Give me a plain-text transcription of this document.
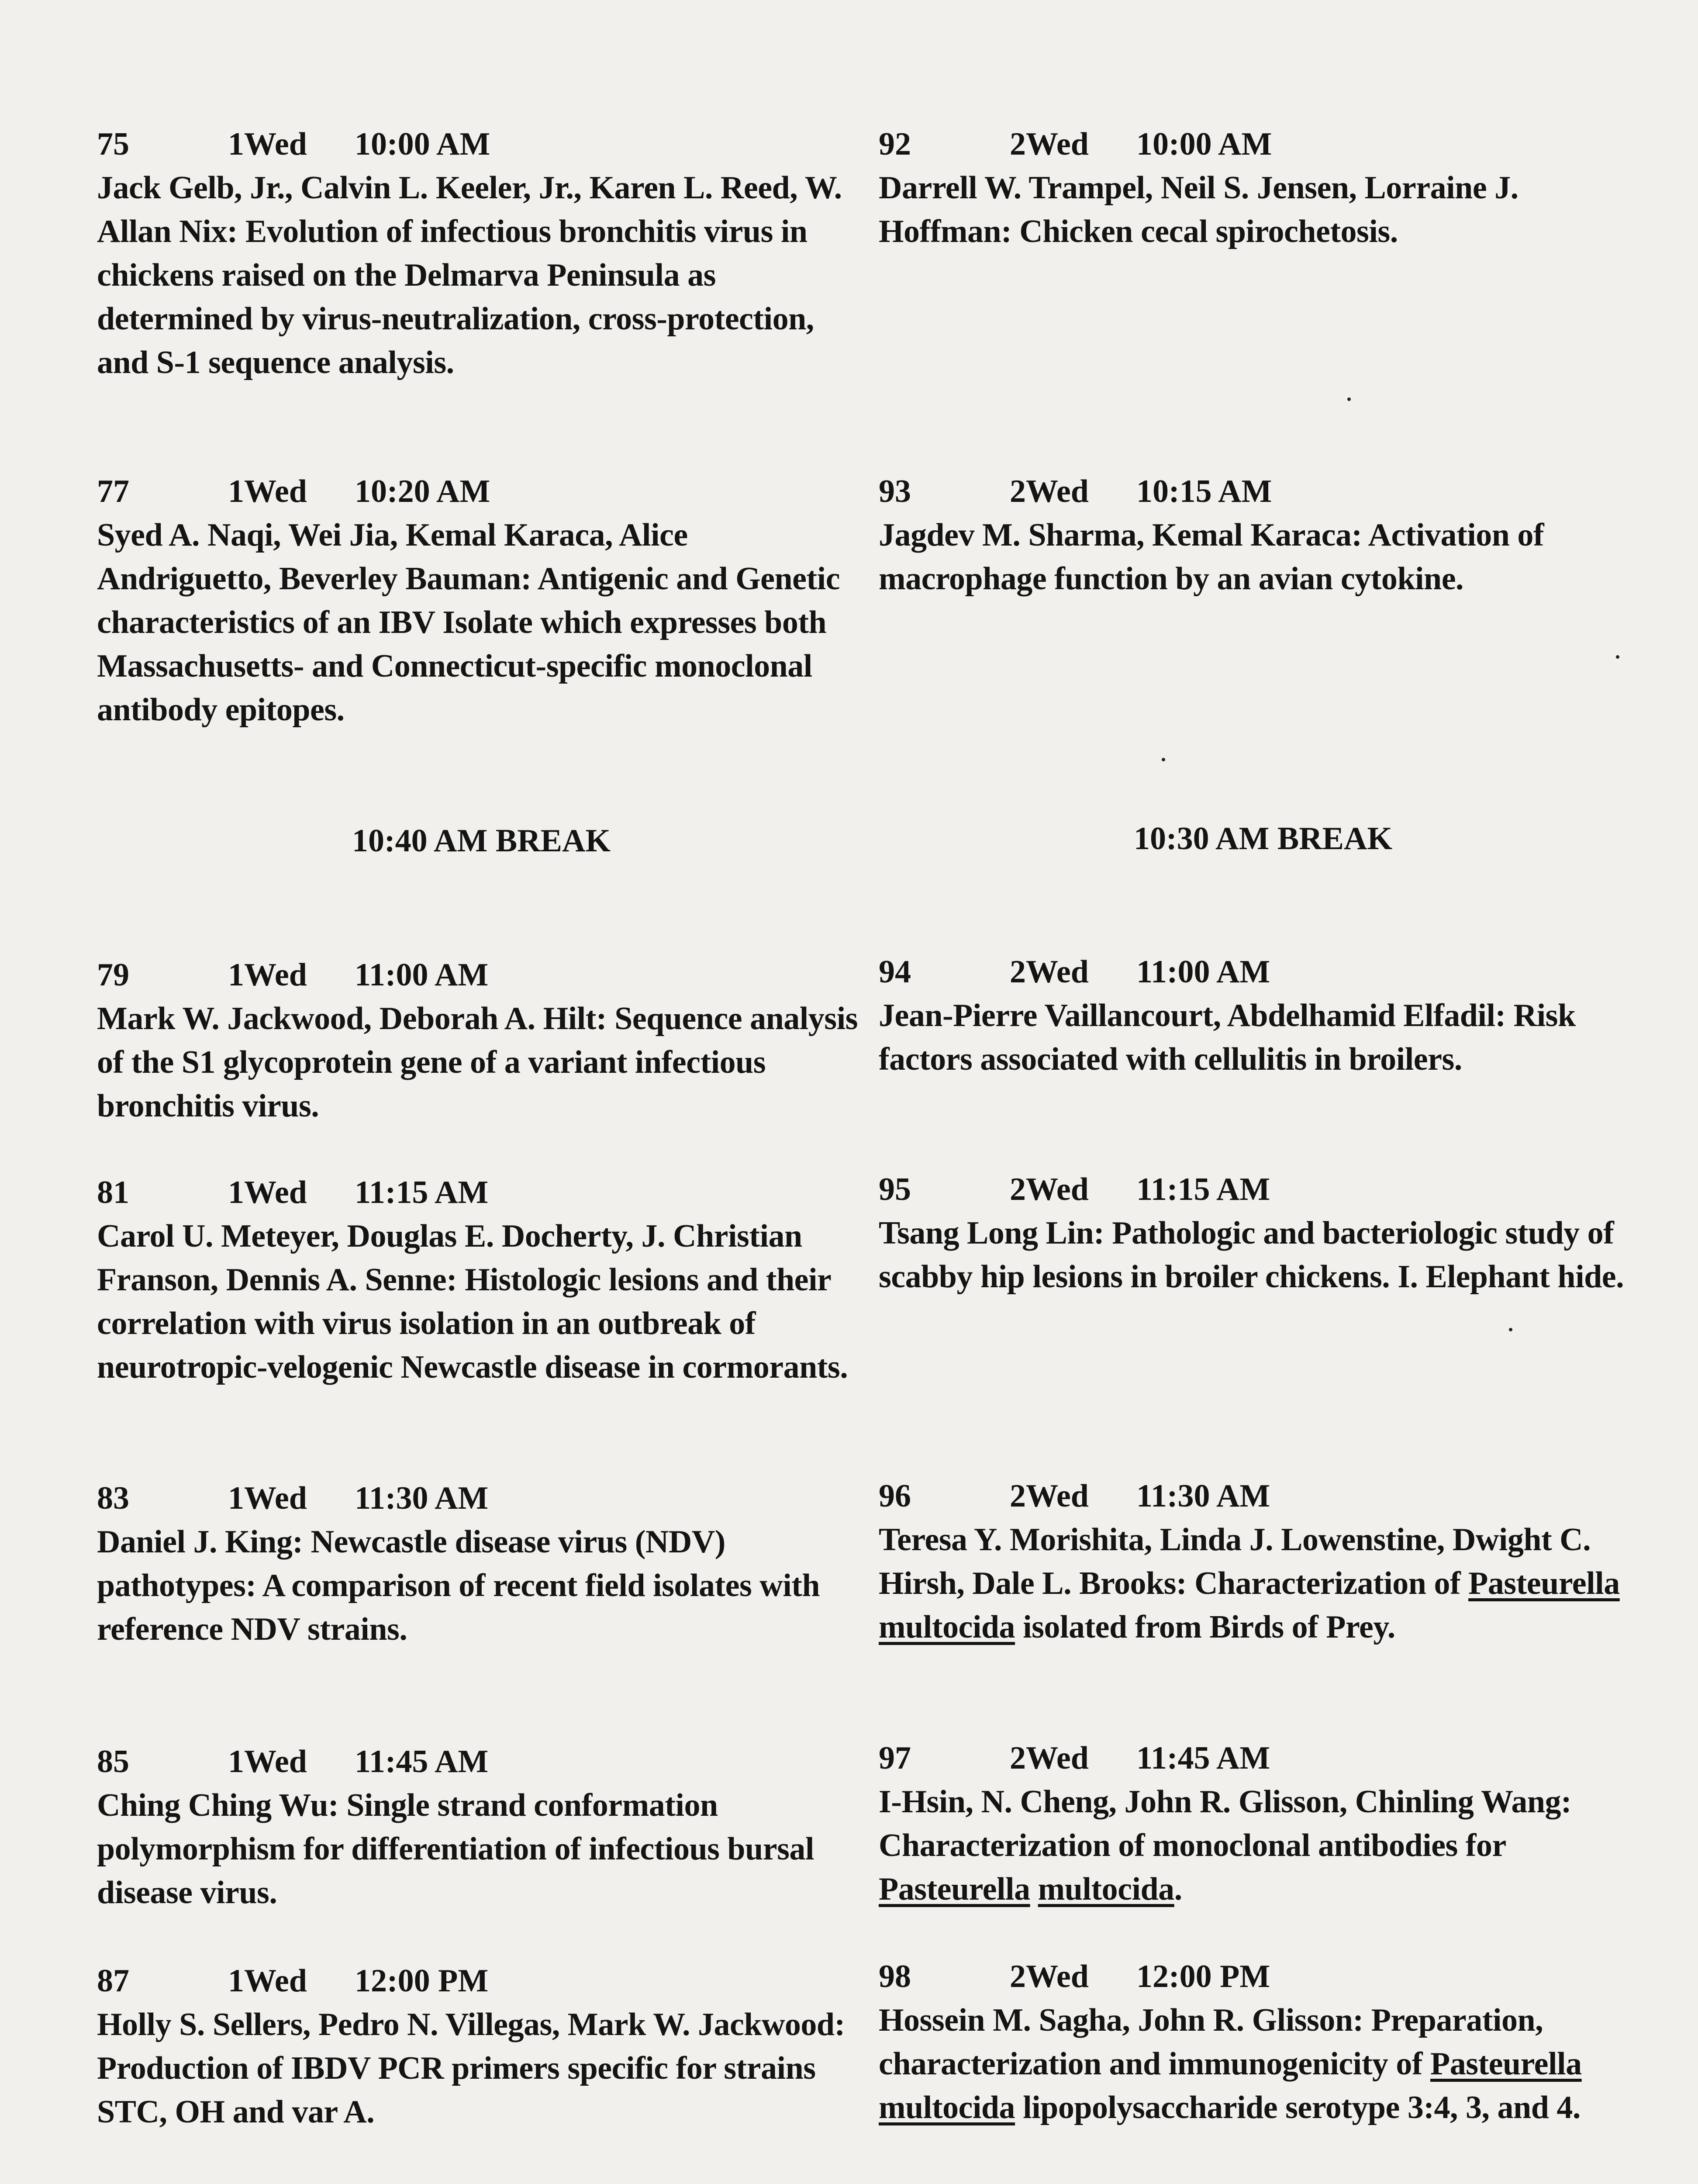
75	1Wed 10:00 AM
Jack Gelb, Jr., Calvin L. Keeler, Jr., Karen L. Reed, W. Allan Nix: Evolution of infectious bronchitis virus in chickens raised on the Delmarva Peninsula as determined by virus-neutralization, cross-protection, and S-1 sequence analysis.
77	1Wed 10:20 AM
Syed A. Naqi, Wei Jia, Kemal Karaca, Alice Andriguetto, Beverley Bauman: Antigenic and Genetic characteristics of an IBV Isolate which expresses both Massachusetts- and Connecticut-specific monoclonal antibody epitopes.
10:40 AM BREAK
79	1Wed 11:00 AM
Mark W. Jackwood, Deborah A. Hilt: Sequence analysis of the S1 glycoprotein gene of a variant infectious bronchitis virus.
81	1Wed 11:15 AM
Carol U. Meteyer, Douglas E. Docherty, J. Christian Franson, Dennis A. Senne: Histologic lesions and their correlation with virus isolation in an outbreak of neurotropic-velogenic Newcastle disease in cormorants.
83	1Wed 11:30 AM
Daniel J. King: Newcastle disease virus (NDV) pathotypes: A comparison of recent field isolates with reference NDV strains.
85	1Wed 11:45 AM
Ching Ching Wu: Single strand conformation polymorphism for differentiation of infectious bursal disease virus.
87	1Wed 12:00 PM
Holly S. Sellers, Pedro N. Villegas, Mark W. Jackwood: Production of IBDV PCR primers specific for strains STC, OH and var A.
92	2Wed 10:00 AM
Darrell W. Trampel, Neil S. Jensen, Lorraine J. Hoffman: Chicken cecal spirochetosis.
93	2Wed 10:15 AM
Jagdev M. Sharma, Kemal Karaca: Activation of macrophage function by an avian cytokine.
10:30 AM BREAK
94	2Wed 11:00 AM
Jean-Pierre Vaillancourt, Abdelhamid Elfadil: Risk factors associated with cellulitis in broilers.
95	2Wed 11:15 AM
Tsang Long Lin: Pathologic and bacteriologic study of scabby hip lesions in broiler chickens. I. Elephant hide.
96	2Wed 11:30 AM
Teresa Y. Morishita, Linda J. Lowenstine, Dwight C. Hirsh, Dale L. Brooks: Characterization of Pasteurella multocida isolated from Birds of Prey.
97	2Wed 11:45 AM
I-Hsin, N. Cheng, John R. Glisson, Chinling Wang: Characterization of monoclonal antibodies for Pasteurella multocida.
98	2Wed 12:00 PM
Hossein M. Sagha, John R. Glisson: Preparation, characterization and immunogenicity of Pasteurella multocida lipopolysaccharide serotype 3:4, 3, and 4.
